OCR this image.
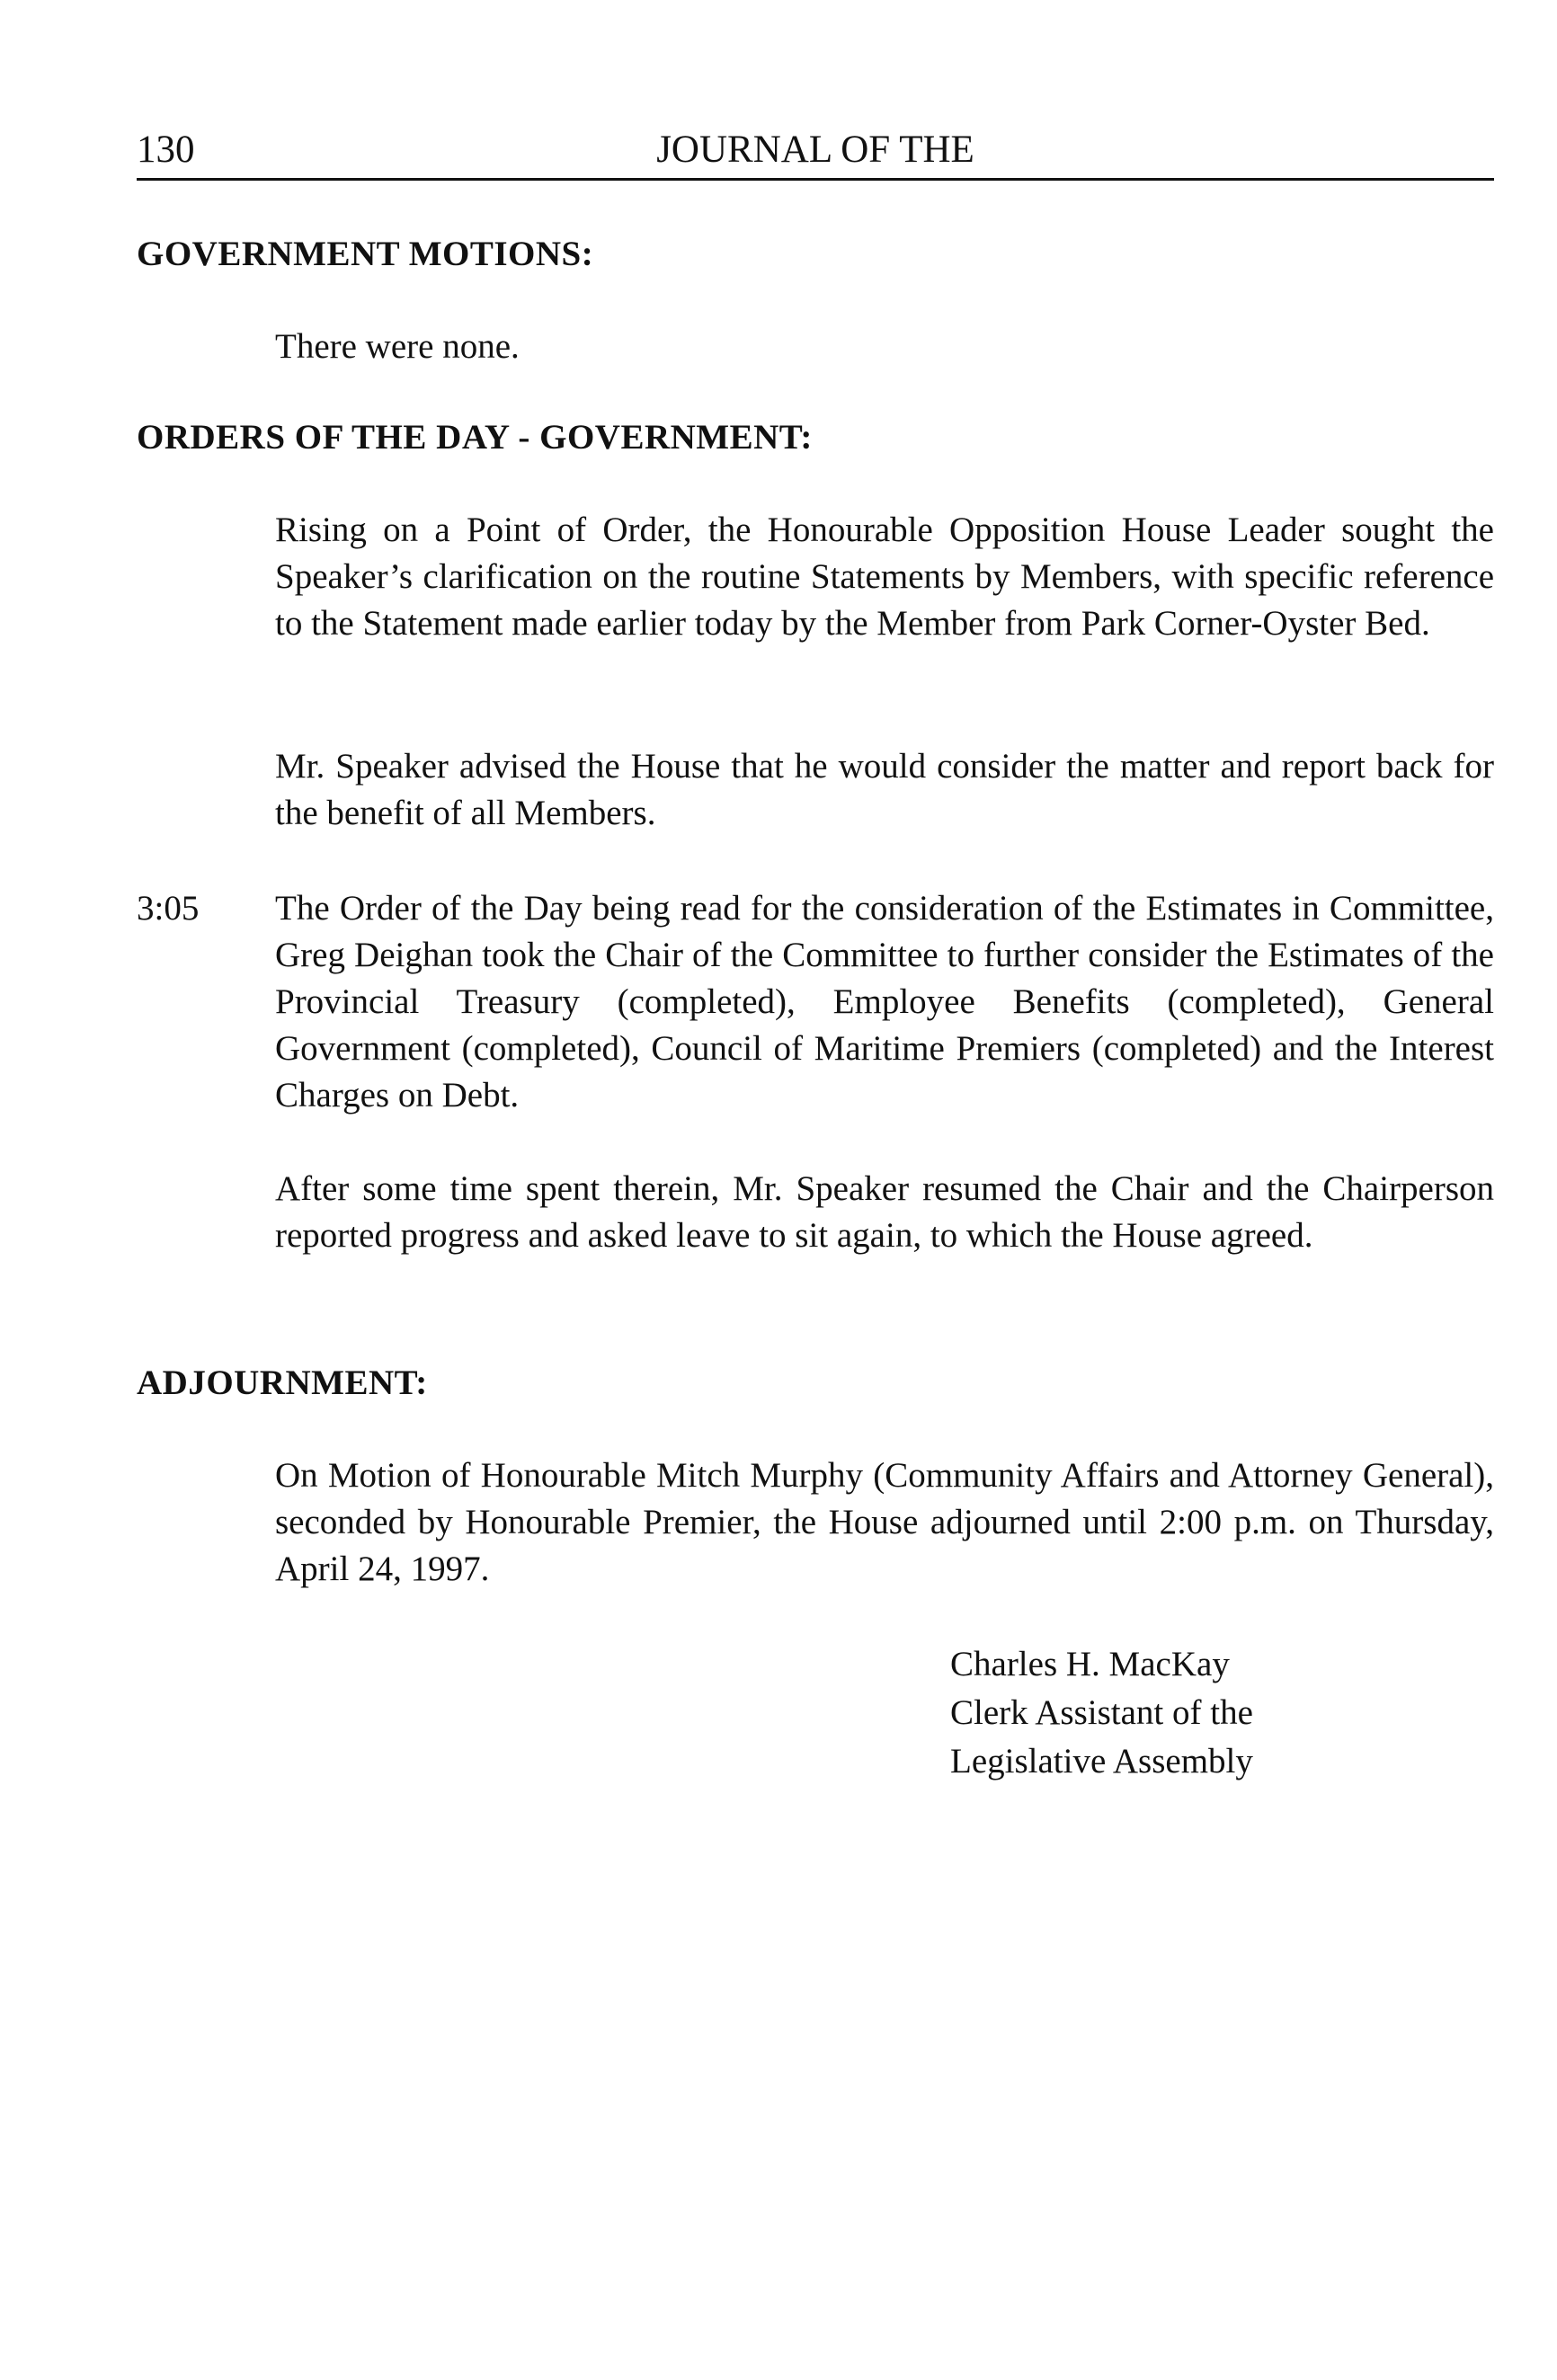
130	JOURNAL OF THE
GOVERNMENT MOTIONS:

There were none.

ORDERS OF THE DAY - GOVERNMENT:

Rising on a Point of Order, the Honourable Opposition House Leader sought the Speaker’s clarification on the routine Statements by Members, with specific reference to the Statement made earlier today by the Member from Park Corner-Oyster Bed.

Mr. Speaker advised the House that he would consider the matter and report back for the benefit of all Members.

3:05 The Order of the Day being read for the consideration of the Estimates in Committee, Greg Deighan took the Chair of the Committee to further consider the Estimates of the Provincial Treasury (completed), Employee Benefits (completed), General Government (completed), Council of Maritime Premiers (completed) and the Interest Charges on Debt.

After some time spent therein, Mr. Speaker resumed the Chair and the Chairperson reported progress and asked leave to sit again, to which the House agreed.

ADJOURNMENT:

On Motion of Honourable Mitch Murphy (Community Affairs and Attorney General), seconded by Honourable Premier, the House adjourned until 2:00 p.m. on Thursday, April 24, 1997.

Charles H. MacKay
Clerk Assistant of the
Legislative Assembly
